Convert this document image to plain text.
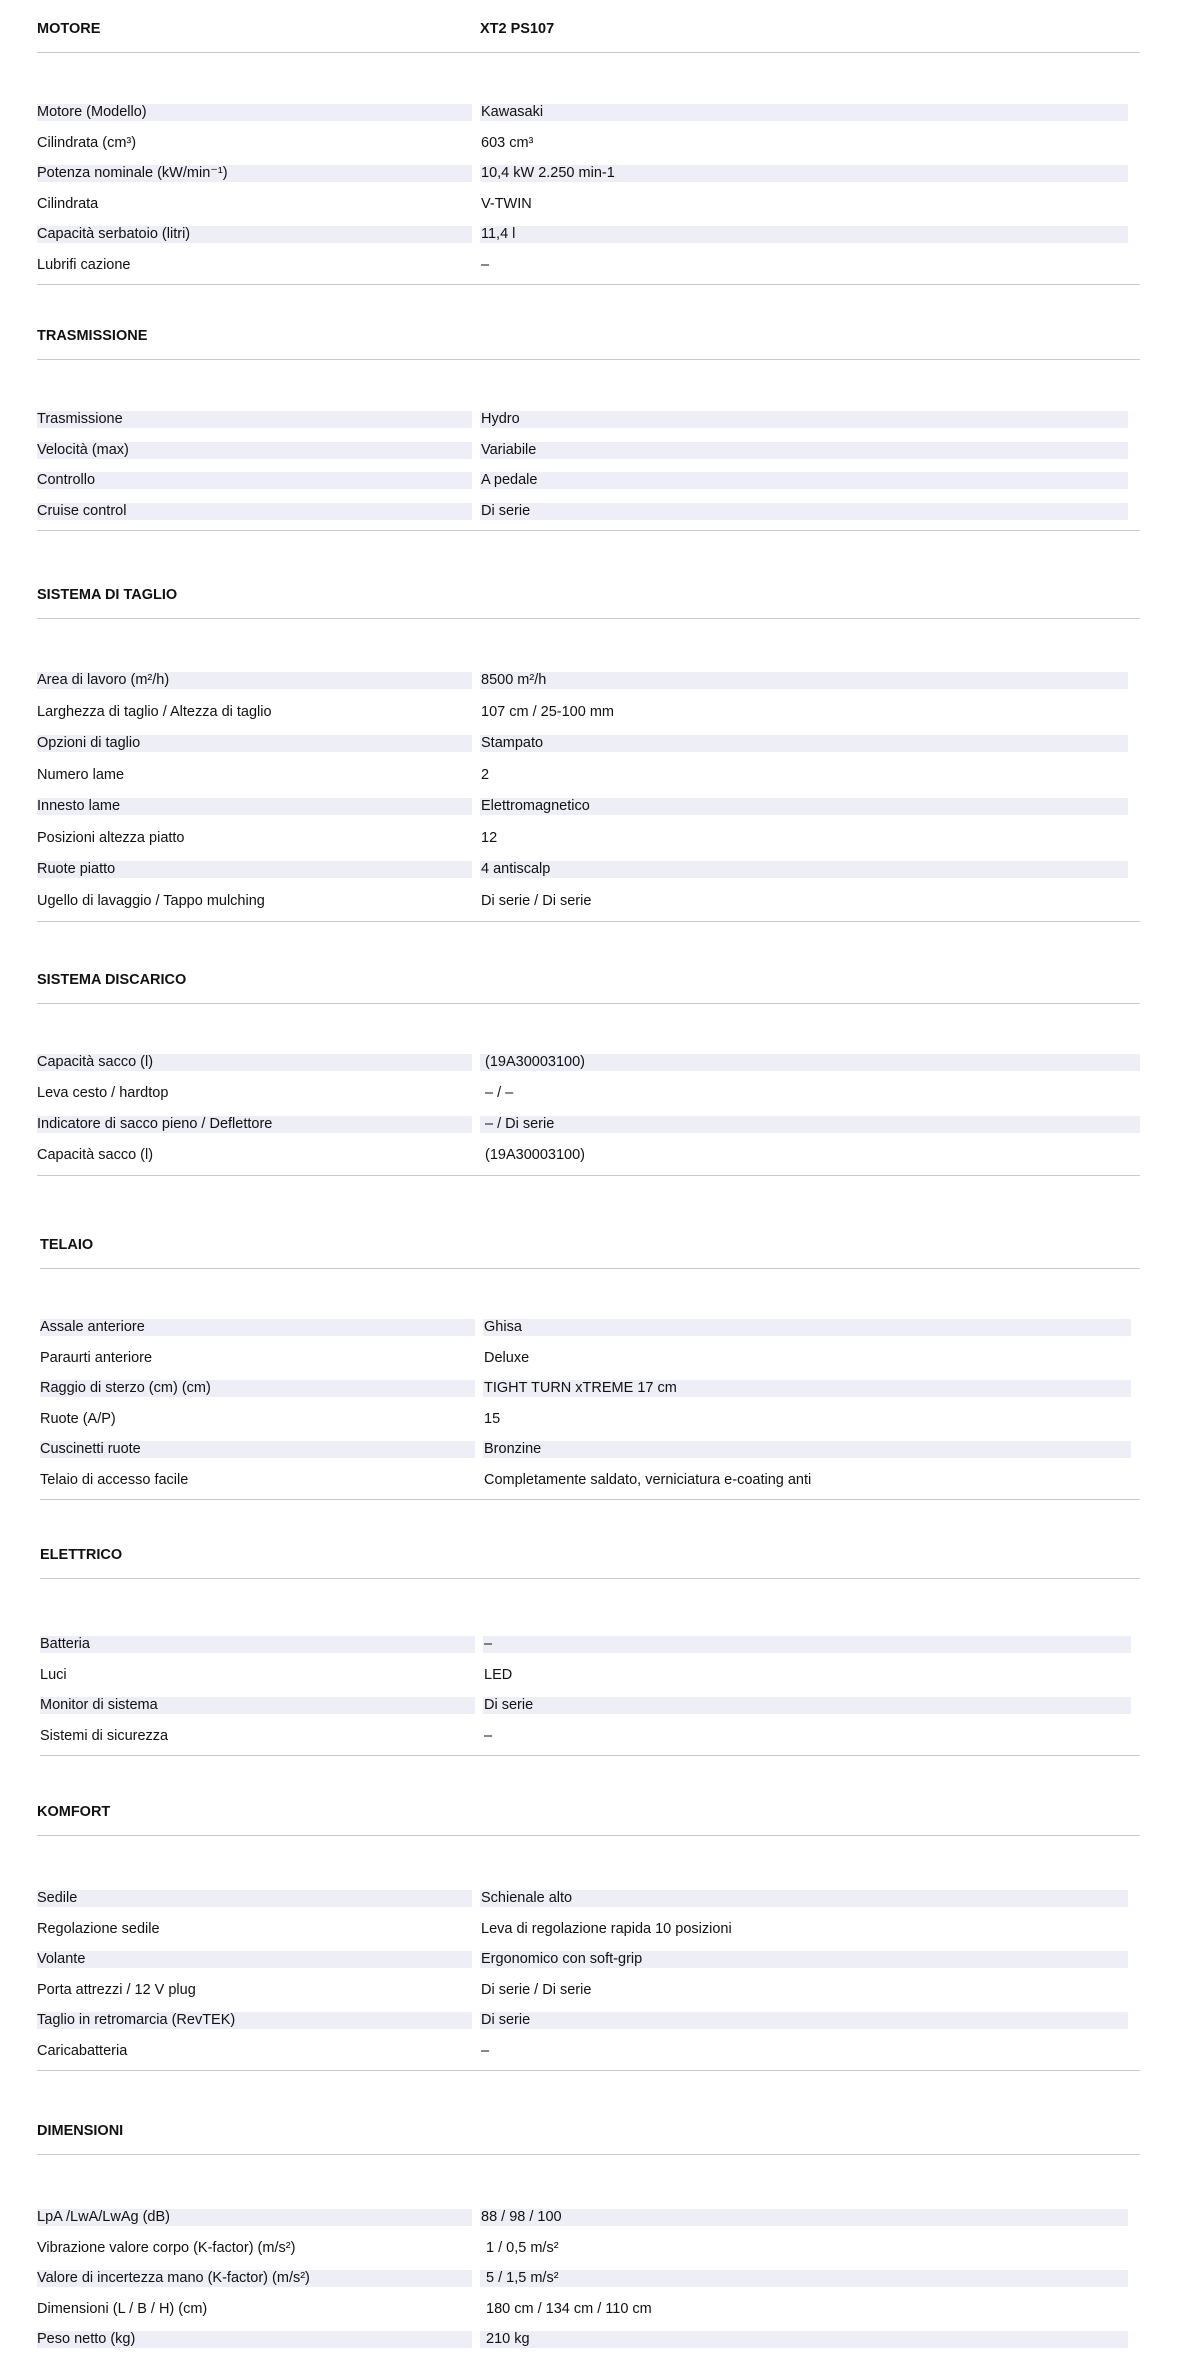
MOTORE	XT2 PS107
Motore (Modello)	Kawasaki
Cilindrata (cm³)	603 cm³
Potenza nominale (kW/min⁻¹)	10,4 kW 2.250 min-1
Cilindrata	V-TWIN
Capacità serbatoio (litri)	11,4 l
Lubrifi cazione	–
TRASMISSIONE
Trasmissione	Hydro
Velocità (max)	Variabile
Controllo	A pedale
Cruise control	Di serie
SISTEMA DI TAGLIO
Area di lavoro (m²/h)	8500 m²/h
Larghezza di taglio / Altezza di taglio	107 cm / 25-100 mm
Opzioni di taglio	Stampato
Numero lame	2
Innesto lame	Elettromagnetico
Posizioni altezza piatto	12
Ruote piatto	4 antiscalp
Ugello di lavaggio / Tappo mulching	Di serie / Di serie
SISTEMA DISCARICO
Capacità sacco (l)	(19A30003100)
Leva cesto / hardtop	– / –
Indicatore di sacco pieno / Deflettore	– / Di serie
Capacità sacco (l)	(19A30003100)
TELAIO
Assale anteriore	Ghisa
Paraurti anteriore	Deluxe
Raggio di sterzo (cm) (cm)	TIGHT TURN xTREME 17 cm
Ruote (A/P)	15
Cuscinetti ruote	Bronzine
Telaio di accesso facile	Completamente saldato, verniciatura e-coating anti
ELETTRICO
Batteria	–
Luci	LED
Monitor di sistema	Di serie
Sistemi di sicurezza	–
KOMFORT
Sedile	Schienale alto
Regolazione sedile	Leva di regolazione rapida 10 posizioni
Volante	Ergonomico con soft-grip
Porta attrezzi / 12 V plug	Di serie / Di serie
Taglio in retromarcia (RevTEK)	Di serie
Caricabatteria	–
DIMENSIONI
LpA /LwA/LwAg (dB)	88 / 98 / 100
Vibrazione valore corpo (K-factor) (m/s²)	1 / 0,5 m/s²
Valore di incertezza mano (K-factor) (m/s²)	5 / 1,5 m/s²
Dimensioni (L / B / H) (cm)	180 cm / 134 cm / 110 cm
Peso netto (kg)	210 kg
